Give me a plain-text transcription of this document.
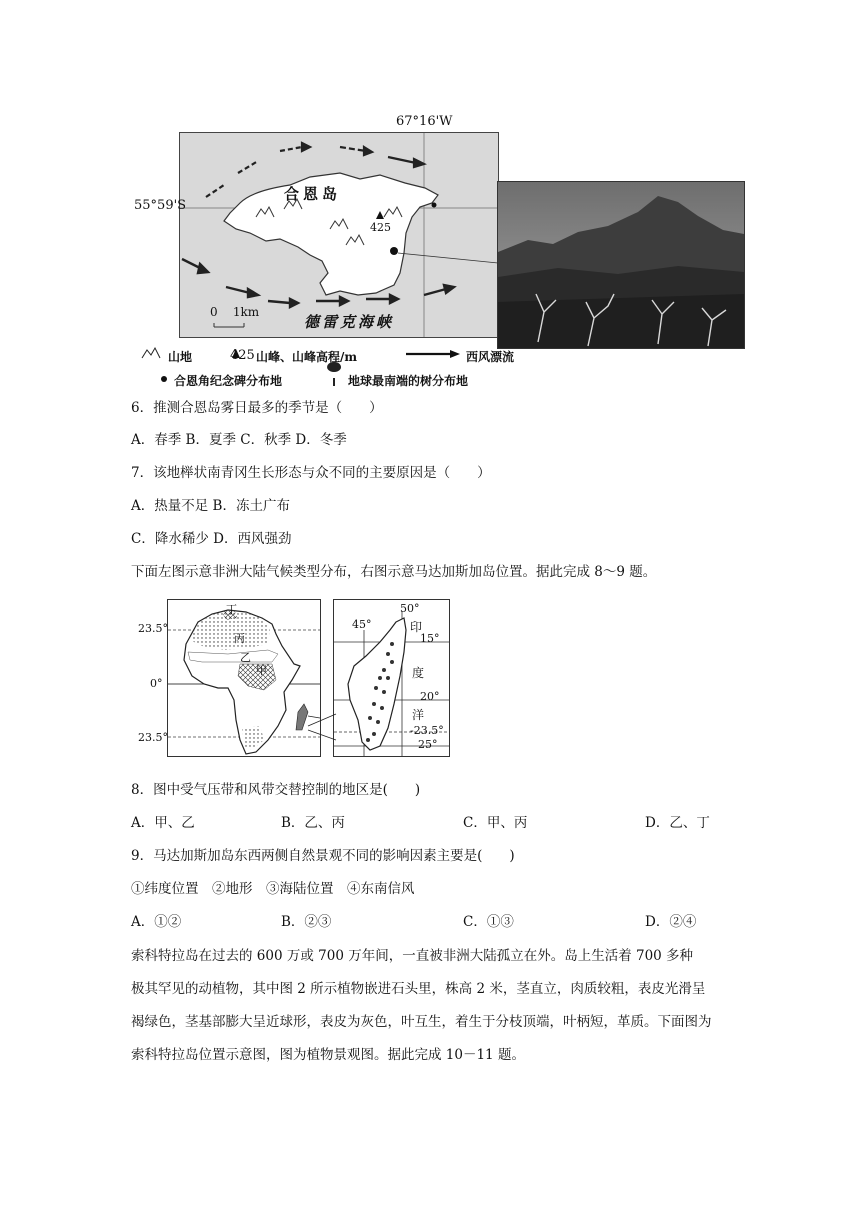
合恩岛
425
0    1km
德雷克海峡
67°16'W
55°59'S
山地	425 山峰、山峰高程/m	西风漂流
合恩角纪念碑分布地	地球最南端的树分布地
6．推测合恩岛雾日最多的季节是（　　）
A．春季 B．夏季 C．秋季 D．冬季
7．该地榉状南青冈生长形态与众不同的主要原因是（　　）
A．热量不足 B．冻土广布
C．降水稀少 D．西风强劲
下面左图示意非洲大陆气候类型分布，右图示意马达加斯加岛位置。据此完成 8～9 题。
丁
丙
乙
甲
23.5°
0°
23.5°
50°
45°
15°
20°
-23.5°
25°
印
度
洋
8．图中受气压带和风带交替控制的地区是(　　)
A．甲、乙	B．乙、丙	C．甲、丙	D．乙、丁
9．马达加斯加岛东西两侧自然景观不同的影响因素主要是(　　)
①纬度位置　②地形　③海陆位置　④东南信风
A．①②	B．②③	C．①③	D．②④
索科特拉岛在过去的 600 万或 700 万年间，一直被非洲大陆孤立在外。岛上生活着 700 多种
极其罕见的动植物，其中图 2 所示植物嵌进石头里，株高 2 米，茎直立，肉质较粗，表皮光滑呈
褐绿色，茎基部膨大呈近球形，表皮为灰色，叶互生，着生于分枝顶端，叶柄短，革质。下面图为
索科特拉岛位置示意图，图为植物景观图。据此完成 10－11 题。
